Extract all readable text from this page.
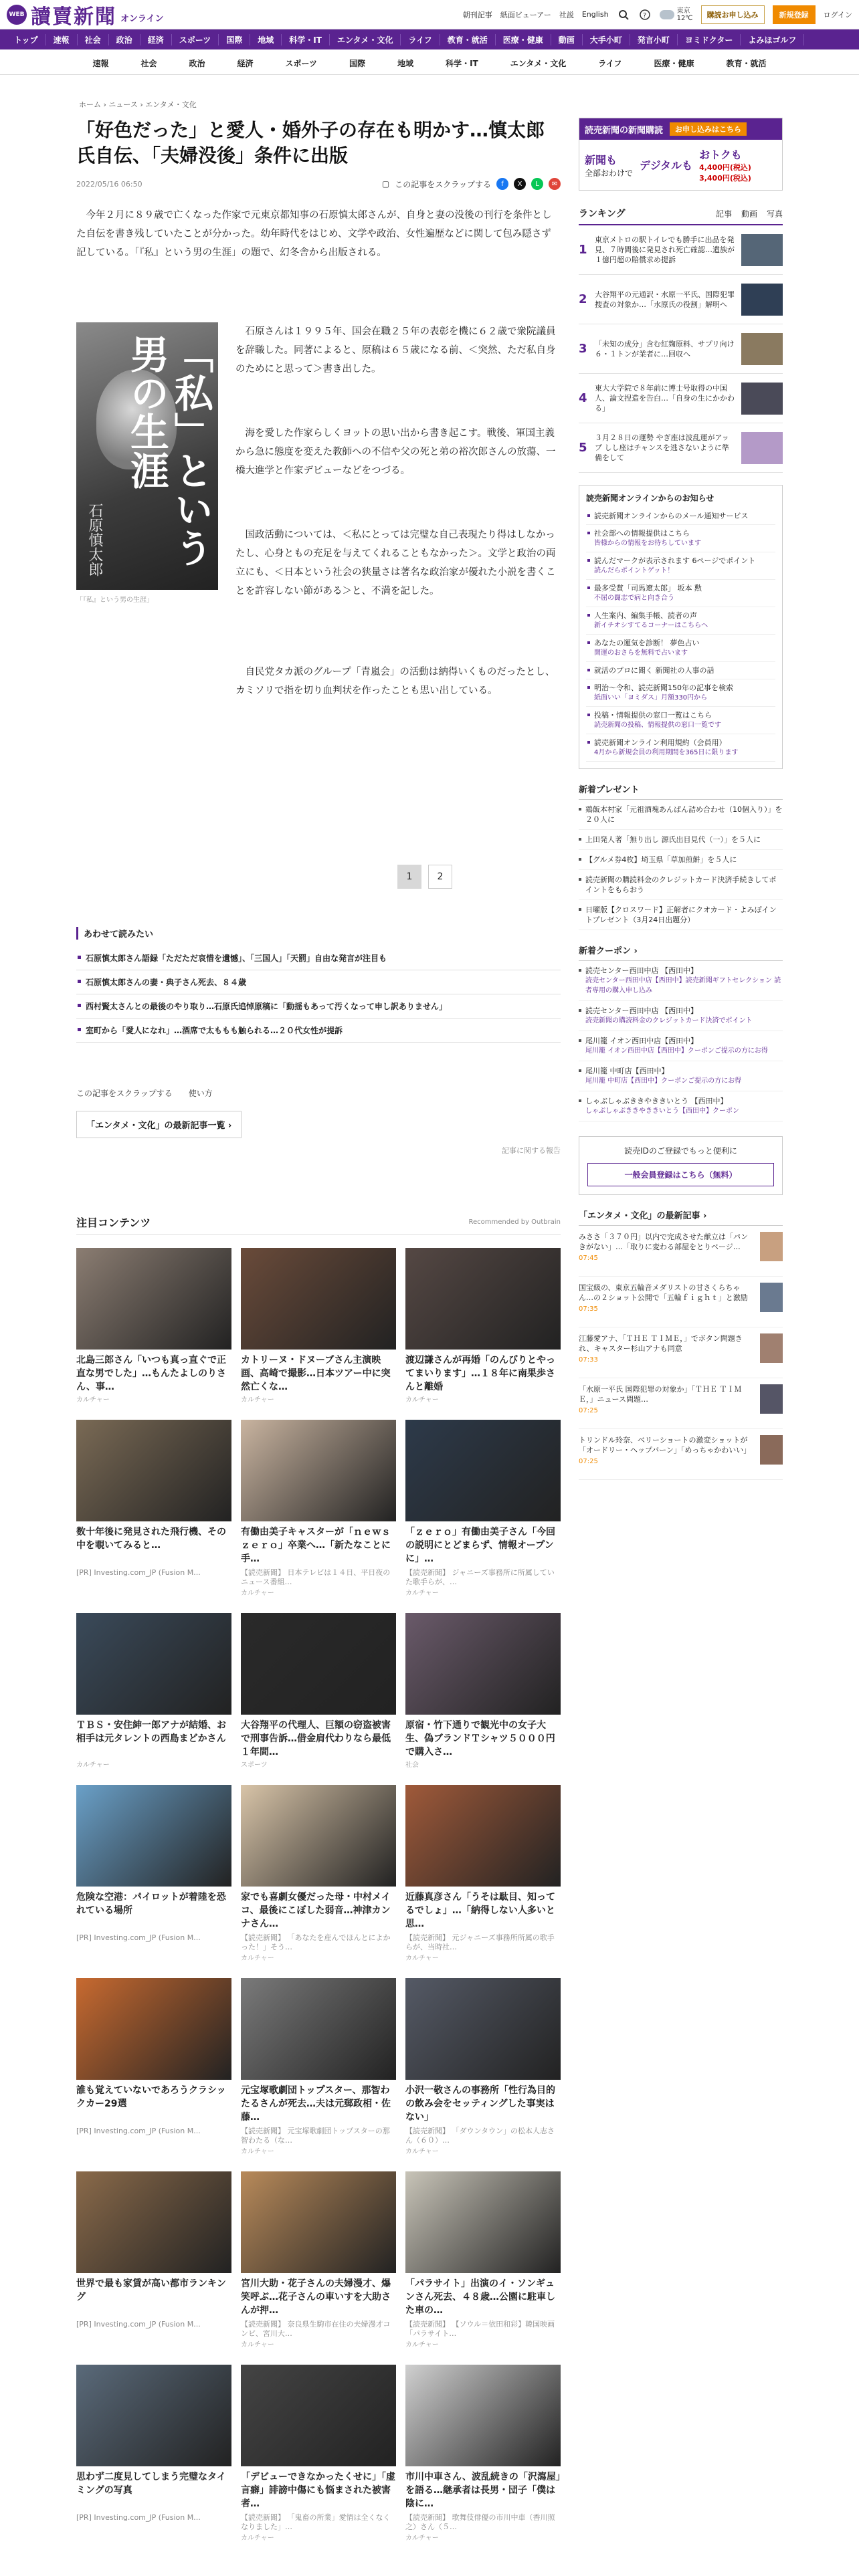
WEB 讀賣新聞 オンライン	朝刊記事 紙面ビューアー 社説 English	?
東京
12℃	購読お申し込み	新規登録	ログイン
トップ	速報	社会	政治	経済	スポーツ	国際	地域	科学・IT	エンタメ・文化	ライフ	教育・就活	医療・健康	動画	大手小町	発言小町	ヨミドクター	よみほゴルフ
速報	社会	政治	経済	スポーツ	国際	地域	科学・IT	エンタメ・文化	ライフ	医療・健康	教育・就活
ホーム › ニュース › エンタメ・文化
「好色だった」と愛人・婚外子の存在も明かす…慎太郎氏自伝、「夫婦没後」条件に出版
2022/05/16 06:50	▢ この記事をスクラップする	f	X	L	✉

今年２月に８９歳で亡くなった作家で元東京都知事の石原慎太郎さんが、自身と妻の没後の刊行を条件とした自伝を書き残していたことが分かった。幼年時代をはじめ、文学や政治、女性遍歴などに関して包み隠さず記している。「『私』という男の生涯」の題で、幻冬舎から出版される。

「私」という男の生涯
石原慎太郎
「『私』という男の生涯」

石原さんは１９９５年、国会在職２５年の表彰を機に６２歳で衆院議員を辞職した。同著によると、原稿は６５歳になる前、＜突然、ただ私自身のためにと思って＞書き出した。

海を愛した作家らしくヨットの思い出から書き起こす。戦後、軍国主義から急に態度を変えた教師への不信や父の死と弟の裕次郎さんの放蕩、一橋大進学と作家デビューなどをつづる。

国政活動については、＜私にとっては完璧な自己表現たり得はしなかったし、心身ともの充足を与えてくれることもなかった＞。文学と政治の両立にも、＜日本という社会の狭量さは著名な政治家が優れた小説を書くことを許容しない節がある＞と、不満を記した。

自民党タカ派のグループ「青嵐会」の活動は納得いくものだったとし、カミソリで指を切り血判状を作ったことも思い出している。

1	2
あわせて読みたい
石原慎太郎さん語録「ただただ哀惜を遺憾」、「三国人」「天罰」自由な発言が注目も
石原慎太郎さんの妻・典子さん死去、８４歳
西村賢太さんとの最後のやり取り…石原氏追悼原稿に「動揺もあって汚くなって申し訳ありません」
室町から「愛人になれ」…酒席で太ももも触られる…２０代女性が提訴
この記事をスクラップする 使い方
「エンタメ・文化」の最新記事一覧 ›
記事に関する報告
注目コンテンツ	Recommended by Outbrain
北島三郎さん「いつも真っ直ぐで正直な男でした」…もんたよしのりさん、事…
カルチャー
カトリーヌ・ドヌーブさん主演映画、高崎で撮影…日本ツアー中に突然亡くな…
カルチャー
渡辺謙さんが再婚「のんびりとやってまいります」…１８年に南果歩さんと離婚
カルチャー
数十年後に発見された飛行機、その中を覗いてみると…
[PR] Investing.com_JP (Fusion M...
有働由美子キャスターが「ｎｅｗｓ ｚｅｒｏ」卒業へ…「新たなことに手…
【読売新聞】 日本テレビは１４日、平日夜のニュース番組…
カルチャー
「ｚｅｒｏ」有働由美子さん「今回の説明にとどまらず、情報オープンに」…
【読売新聞】 ジャニーズ事務所に所属していた歌手らが、…
カルチャー
ＴＢＳ・安住紳一郎アナが結婚、お相手は元タレントの西島まどかさん
カルチャー
大谷翔平の代理人、巨額の窃盗被害で刑事告訴…借金肩代わりなら最低１年間…
スポーツ
原宿・竹下通りで観光中の女子大生、偽ブランドＴシャツ５０００円で購入さ…
社会
危険な空港：パイロットが着陸を恐れている場所
[PR] Investing.com_JP (Fusion M...
家でも喜劇女優だった母・中村メイコ、最後にこぼした弱音…神津カンナさん…
【読売新聞】 「あなたを産んでほんとによかった！」そう…
カルチャー
近藤真彦さん「うそは駄目、知ってるでしょ」…「納得しない人多いと思…
【読売新聞】 元ジャニーズ事務所所属の歌手らが、当時社…
カルチャー
誰も覚えていないであろうクラシックカー29選
[PR] Investing.com_JP (Fusion M...
元宝塚歌劇団トップスター、那智わたるさんが死去…夫は元郵政相・佐藤…
【読売新聞】 元宝塚歌劇団トップスターの那智わたる（な…
カルチャー
小沢一敬さんの事務所「性行為目的の飲み会をセッティングした事実はない」
【読売新聞】 「ダウンタウン」の松本人志さん（６０）…
カルチャー
世界で最も家賃が高い都市ランキング
[PR] Investing.com_JP (Fusion M...
宮川大助・花子さんの夫婦漫才、爆笑呼ぶ…花子さんの車いすを大助さんが押…
【読売新聞】 奈良県生駒市在住の夫婦漫才コンビ、宮川大…
カルチャー
「パラサイト」出演のイ・ソンギュンさん死去、４８歳…公園に駐車した車の…
【読売新聞】 【ソウル＝依田和彩】韓国映画「パラサイト…
カルチャー
思わず二度見してしまう完璧なタイミングの写真
[PR] Investing.com_JP (Fusion M...
「デビューできなかったくせに」「虚言癖」誹謗中傷にも悩まされた被害者…
【読売新聞】 「鬼畜の所業」愛情は全くなくなりました」…
カルチャー
市川中車さん、波乱続きの「沢瀉屋」を語る…継承者は長男・団子「僕は陰に…
【読売新聞】 歌舞伎俳優の市川中車（香川照之）さん（５…
カルチャー
読売新聞の新聞購読	お申し込みはこちら
新聞も
全部おわけで
デジタルも
おトクも
4,400円(税込)
3,400円(税込)
ランキング	記事 動画 写真
1
東京メトロの駅トイレでも勝手に出品を発見、７時間後に発見され死亡確認…遺族が１億円超の賠償求め提訴
2	大谷翔平の元通訳・水原一平氏、国際犯罪捜査の対象か…「水原氏の役割」解明へ
3	「未知の成分」含む紅麹原料、サプリ向け６・１トンが業者に…回収へ
4
東大大学院で８年前に博士号取得の中国人、論文捏造を告白…「自身の生にかかわる」
5
３月２８日の運勢 やぎ座は波乱運がアップ しし座はチャンスを逃さないように準備をして
読売新聞オンラインからのお知らせ
読売新聞オンラインからのメール通知サービス
社会部への情報提供はこちら
皆様からの情報をお待ちしています
読んだマークが表示されます 6ページでポイント
読んだらポイントゲット！
最多受賞「司馬遼太郎」 坂本 勲
不屈の闘志で病と向き合う
人生案内、編集手帳、読者の声
新イチオシすてるコーナーはこちらへ
あなたの運気を診断！ 夢色占い
開運のおさらを無料で占います
就活のプロに聞く 新聞社の人事の話
明治～令和、読売新聞150年の記事を検索
紙面いい「ヨミダス」月額330円から
投稿・情報提供の窓口一覧はこちら
読売新聞の投稿、情報提供の窓口一覧です
読売新聞オンライン利用規約（会員用）
4月から新規会員の利用期間を365日に限ります
新着プレゼント
鶏飯本村家「元祖酒塊あんぱん詰め合わせ（10個入り）」を２０人に
上田発人著「無り出し 源氏出目見代（一）」を５人に
【グルメ券4枚】埼玉県「草加煎餅」を５人に
読売新聞の購読料金のクレジットカード決済手続きしてポイントをもらおう
日曜版【クロスワード】正解者にクオカード・よみぽイントプレゼント（3月24日出題分）
新着クーポン ›
読売センター西田中店 【西田中】
読売センター西田中店【西田中】読売新聞ギフトセレクション 読者専用の購入申し込み
読売センター西田中店 【西田中】
読売新聞の購読料金のクレジットカード決済でポイント
尾川籠 イオン西田中店【西田中】
尾川籠 イオン西田中店【西田中】クーポンご提示の方にお得
尾川籠 中町店【西田中】
尾川籠 中町店【西田中】クーポンご提示の方にお得
しゃぶしゃぶききやききいとう 【西田中】
しゃぶしゃぶききやききいとう【西田中】クーポン
読売IDのご登録でもっと便利に
一般会員登録はこちら（無料）
「エンタメ・文化」の最新記事 ›
みささ「３７０円」以内で完成させた献立は「パンきがない」…「取りに変わる部屋をとりページ…
07:45
国宝級の、東京五輪音メダリストの甘さくらちゃん…の２ショット公開で「五輪ｆｉｇｈｔ」と激励
07:35
江藤愛アナ、「ＴＨＥ ＴＩＭＥ，」でボタン問題きれ、キャスター杉山アナも同意
07:33
「水原一平氏 国際犯罪の対象か」「ＴＨＥ ＴＩＭＥ，」ニュース問題…
07:25
トリンドル玲奈、ベリーショートの激変ショットが「オードリー・ヘップバーン」「めっちゃかわいい」
07:25
